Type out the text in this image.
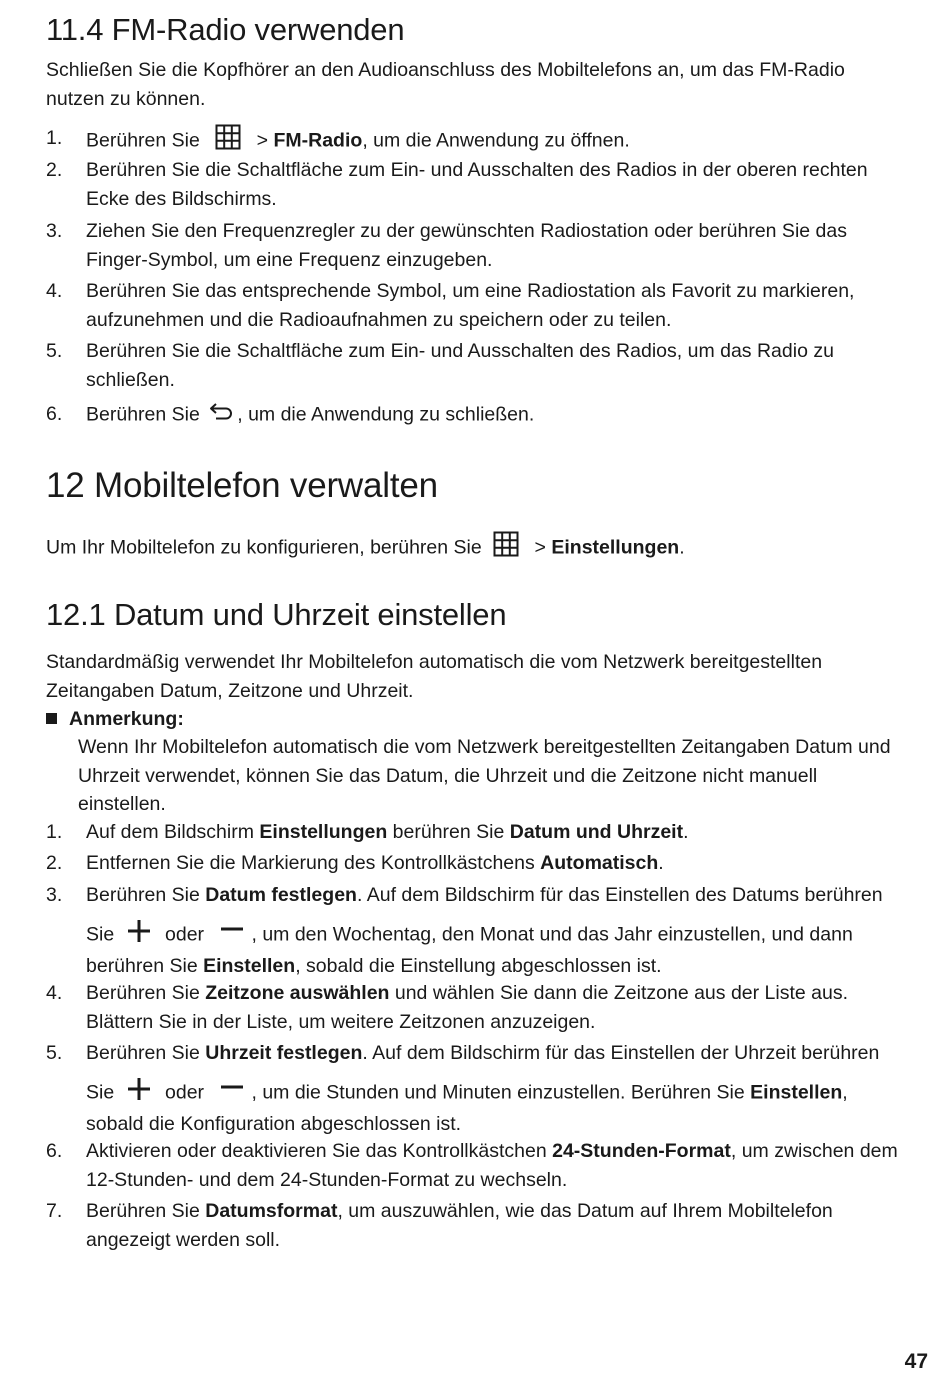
11.4 FM-Radio verwenden

Schließen Sie die Kopfhörer an den Audioanschluss des Mobiltelefons an, um das FM-Radio nutzen zu können.

1.	Berühren Sie  > FM-Radio, um die Anwendung zu öffnen.
2.	Berühren Sie die Schaltfläche zum Ein- und Ausschalten des Radios in der oberen rechten Ecke des Bildschirms.
3.	Ziehen Sie den Frequenzregler zu der gewünschten Radiostation oder berühren Sie das Finger-Symbol, um eine Frequenz einzugeben.
4.	Berühren Sie das entsprechende Symbol, um eine Radiostation als Favorit zu markieren, aufzunehmen und die Radioaufnahmen zu speichern oder zu teilen.
5.	Berühren Sie die Schaltfläche zum Ein- und Ausschalten des Radios, um das Radio zu schließen.
6.	Berühren Sie , um die Anwendung zu schließen.
12 Mobiltelefon verwalten

Um Ihr Mobiltelefon zu konfigurieren, berühren Sie  > Einstellungen.

12.1 Datum und Uhrzeit einstellen

Standardmäßig verwendet Ihr Mobiltelefon automatisch die vom Netzwerk bereitgestellten Zeitangaben Datum, Zeitzone und Uhrzeit.

Anmerkung:

Wenn Ihr Mobiltelefon automatisch die vom Netzwerk bereitgestellten Zeitangaben Datum und Uhrzeit verwendet, können Sie das Datum, die Uhrzeit und die Zeitzone nicht manuell einstellen.

1.	Auf dem Bildschirm Einstellungen berühren Sie Datum und Uhrzeit.
2.	Entfernen Sie die Markierung des Kontrollkästchens Automatisch.
3.	Berühren Sie Datum festlegen. Auf dem Bildschirm für das Einstellen des Datums berühren
Sie  oder , um den Wochentag, den Monat und das Jahr einzustellen, und dann
berühren Sie Einstellen, sobald die Einstellung abgeschlossen ist.
4.	Berühren Sie Zeitzone auswählen und wählen Sie dann die Zeitzone aus der Liste aus. Blättern Sie in der Liste, um weitere Zeitzonen anzuzeigen.
5.	Berühren Sie Uhrzeit festlegen. Auf dem Bildschirm für das Einstellen der Uhrzeit berühren
Sie  oder , um die Stunden und Minuten einzustellen. Berühren Sie Einstellen,
sobald die Konfiguration abgeschlossen ist.
6.	Aktivieren oder deaktivieren Sie das Kontrollkästchen 24-Stunden-Format, um zwischen dem 12-Stunden- und dem 24-Stunden-Format zu wechseln.
7.	Berühren Sie Datumsformat, um auszuwählen, wie das Datum auf Ihrem Mobiltelefon angezeigt werden soll.
47
